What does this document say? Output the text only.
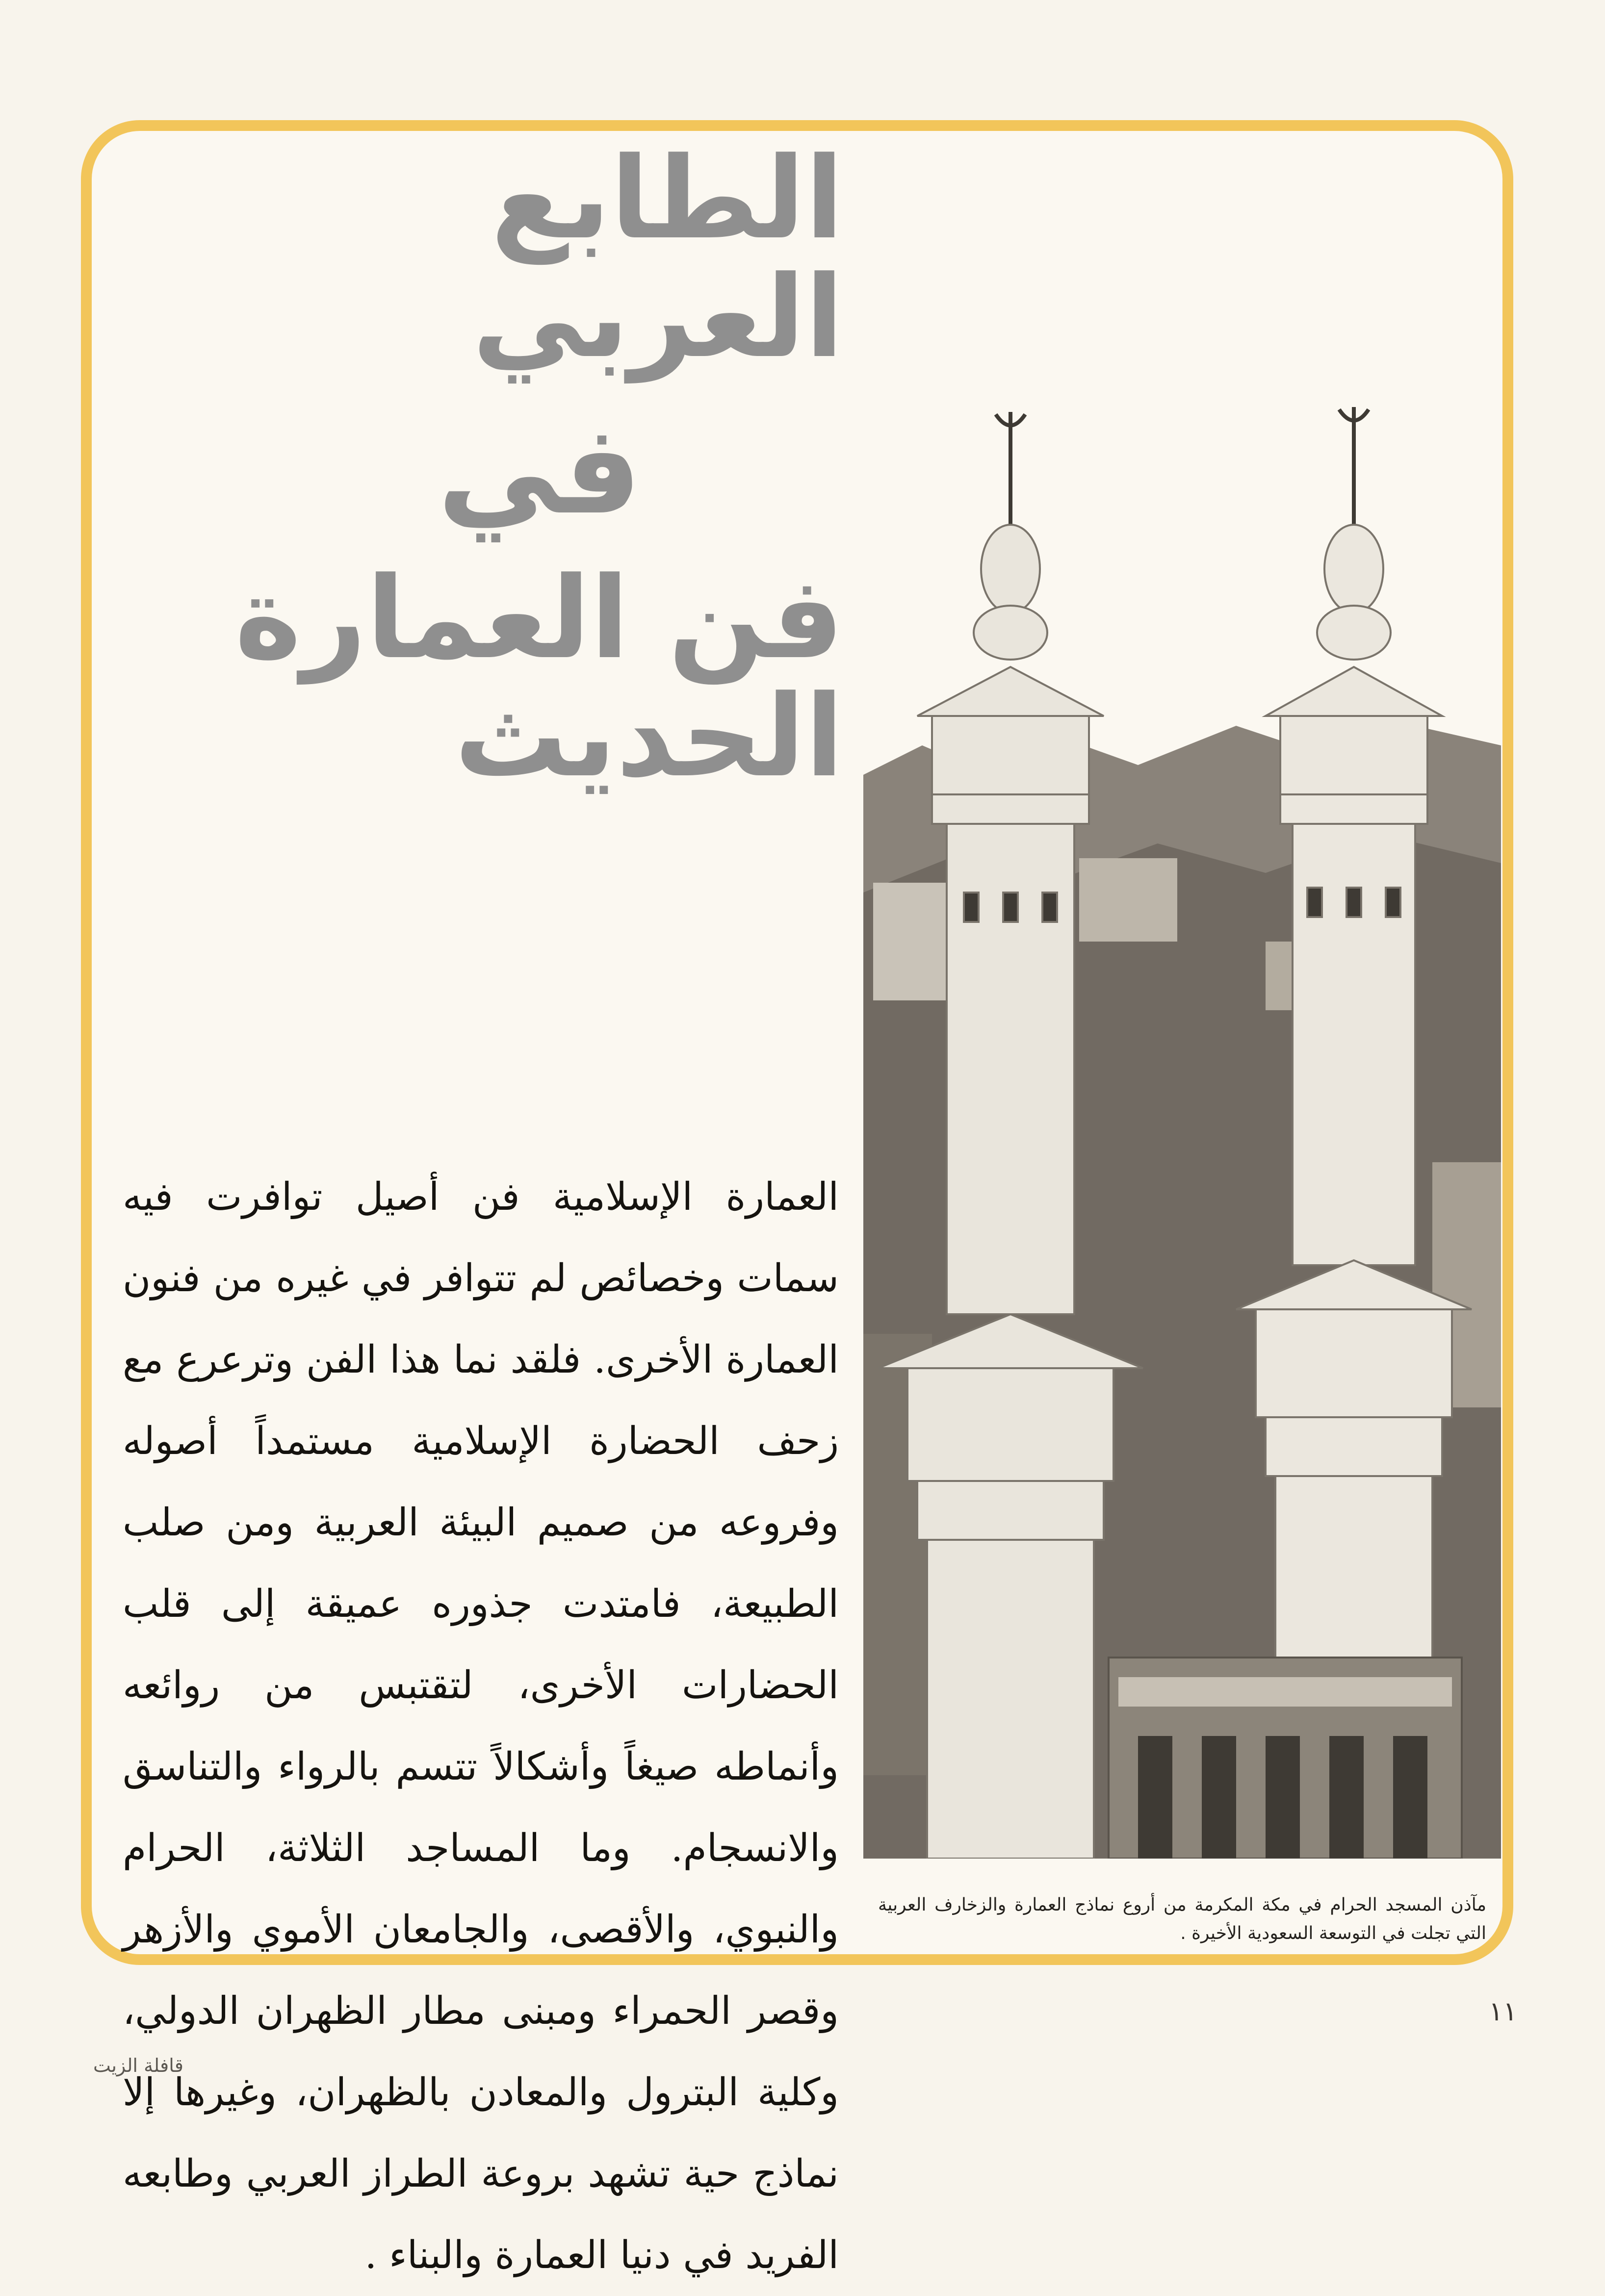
الطابع العربي
في
فن العمارة الحديث

العمارة الإسلامية فن أصيل توافرت فيه سمات وخصائص لم تتوافر في غيره من فنون العمارة الأخرى. فلقد نما هذا الفن وترعرع مع زحف الحضارة الإسلامية مستمداً أصوله وفروعه من صميم البيئة العربية ومن صلب الطبيعة، فامتدت جذوره عميقة إلى قلب الحضارات الأخرى، لتقتبس من روائعه وأنماطه صيغاً وأشكالاً تتسم بالرواء والتناسق والانسجام. وما المساجد الثلاثة، الحرام والنبوي، والأقصى، والجامعان الأموي والأزهر وقصر الحمراء ومبنى مطار الظهران الدولي، وكلية البترول والمعادن بالظهران، وغيرها إلا نماذج حية تشهد بروعة الطراز العربي وطابعه الفريد في دنيا العمارة والبناء .

مآذن المسجد الحرام في مكة المكرمة من أروع نماذج العمارة والزخارف العربية التي تجلت في التوسعة السعودية الأخيرة .

١١
قافلة الزيت
